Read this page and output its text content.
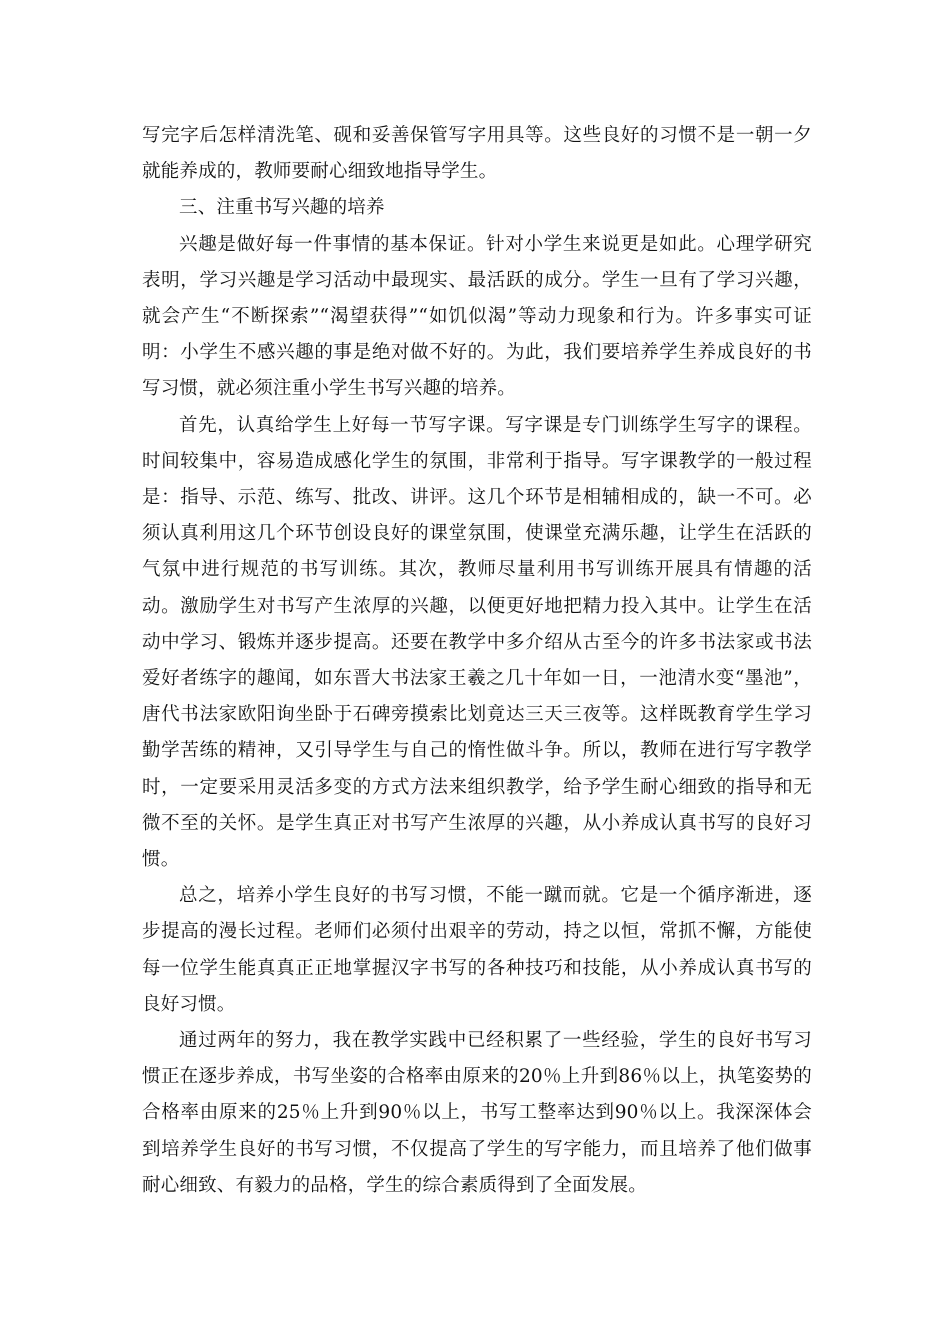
写完字后怎样清洗笔、砚和妥善保管写字用具等。这些良好的习惯不是一朝一夕就能养成的，教师要耐心细致地指导学生。

三、注重书写兴趣的培养

兴趣是做好每一件事情的基本保证。针对小学生来说更是如此。心理学研究表明，学习兴趣是学习活动中最现实、最活跃的成分。学生一旦有了学习兴趣，就会产生“不断探索”“渴望获得”“如饥似渴”等动力现象和行为。许多事实可证明：小学生不感兴趣的事是绝对做不好的。为此，我们要培养学生养成良好的书写习惯，就必须注重小学生书写兴趣的培养。

首先，认真给学生上好每一节写字课。写字课是专门训练学生写字的课程。时间较集中，容易造成感化学生的氛围，非常利于指导。写字课教学的一般过程是：指导、示范、练写、批改、讲评。这几个环节是相辅相成的，缺一不可。必须认真利用这几个环节创设良好的课堂氛围，使课堂充满乐趣，让学生在活跃的气氛中进行规范的书写训练。其次，教师尽量利用书写训练开展具有情趣的活动。激励学生对书写产生浓厚的兴趣，以便更好地把精力投入其中。让学生在活动中学习、锻炼并逐步提高。还要在教学中多介绍从古至今的许多书法家或书法爱好者练字的趣闻，如东晋大书法家王羲之几十年如一日，一池清水变“墨池”，唐代书法家欧阳询坐卧于石碑旁摸索比划竟达三天三夜等。这样既教育学生学习勤学苦练的精神，又引导学生与自己的惰性做斗争。所以，教师在进行写字教学时，一定要采用灵活多变的方式方法来组织教学，给予学生耐心细致的指导和无微不至的关怀。是学生真正对书写产生浓厚的兴趣，从小养成认真书写的良好习惯。

总之，培养小学生良好的书写习惯，不能一蹴而就。它是一个循序渐进，逐步提高的漫长过程。老师们必须付出艰辛的劳动，持之以恒，常抓不懈，方能使每一位学生能真真正正地掌握汉字书写的各种技巧和技能，从小养成认真书写的良好习惯。

通过两年的努力，我在教学实践中已经积累了一些经验，学生的良好书写习惯正在逐步养成，书写坐姿的合格率由原来的20％上升到86％以上，执笔姿势的合格率由原来的25％上升到90％以上，书写工整率达到90％以上。我深深体会到培养学生良好的书写习惯，不仅提高了学生的写字能力，而且培养了他们做事耐心细致、有毅力的品格，学生的综合素质得到了全面发展。
